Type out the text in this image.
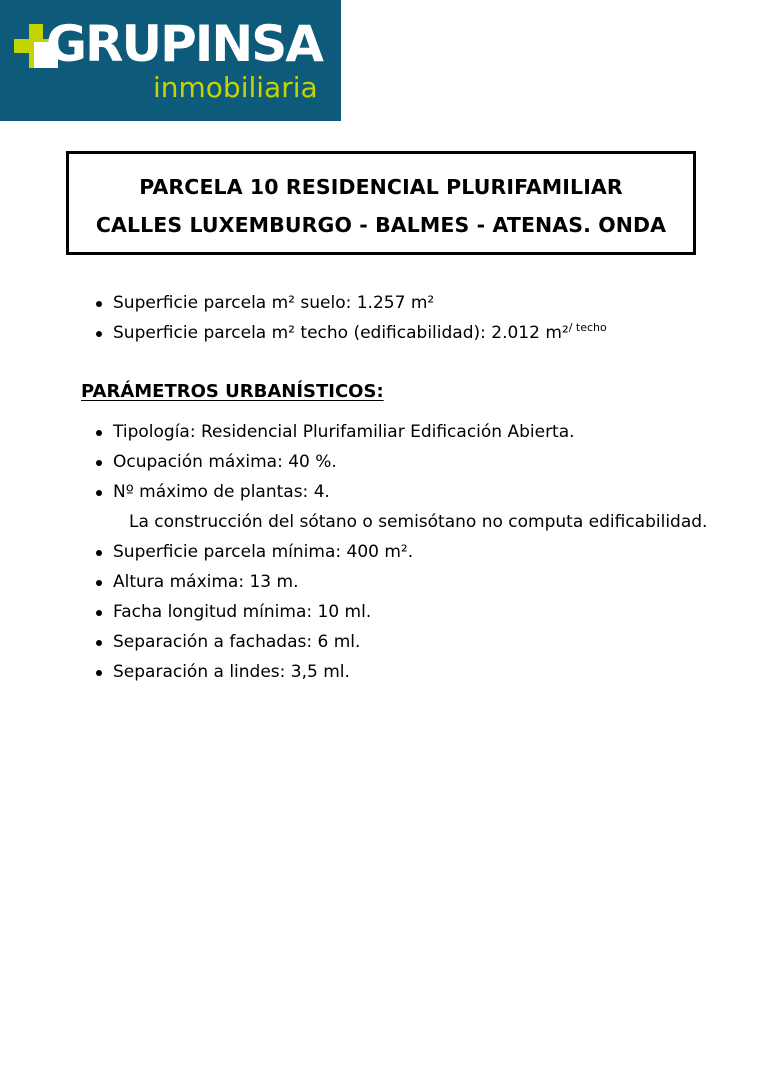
GRUPINSA
inmobiliaria
PARCELA 10 RESIDENCIAL PLURIFAMILIAR
CALLES LUXEMBURGO - BALMES - ATENAS. ONDA
Superficie parcela m² suelo: 1.257 m²
Superficie parcela m² techo (edificabilidad): 2.012 m²$^{/ techo}$
PARÁMETROS URBANÍSTICOS:
Tipología: Residencial Plurifamiliar Edificación Abierta.
Ocupación máxima: 40 %.
Nº máximo de plantas: 4.
La construcción del sótano o semisótano no computa edificabilidad.
Superficie parcela mínima: 400 m².
Altura máxima: 13 m.
Facha longitud mínima: 10 ml.
Separación a fachadas: 6 ml.
Separación a lindes: 3,5 ml.
